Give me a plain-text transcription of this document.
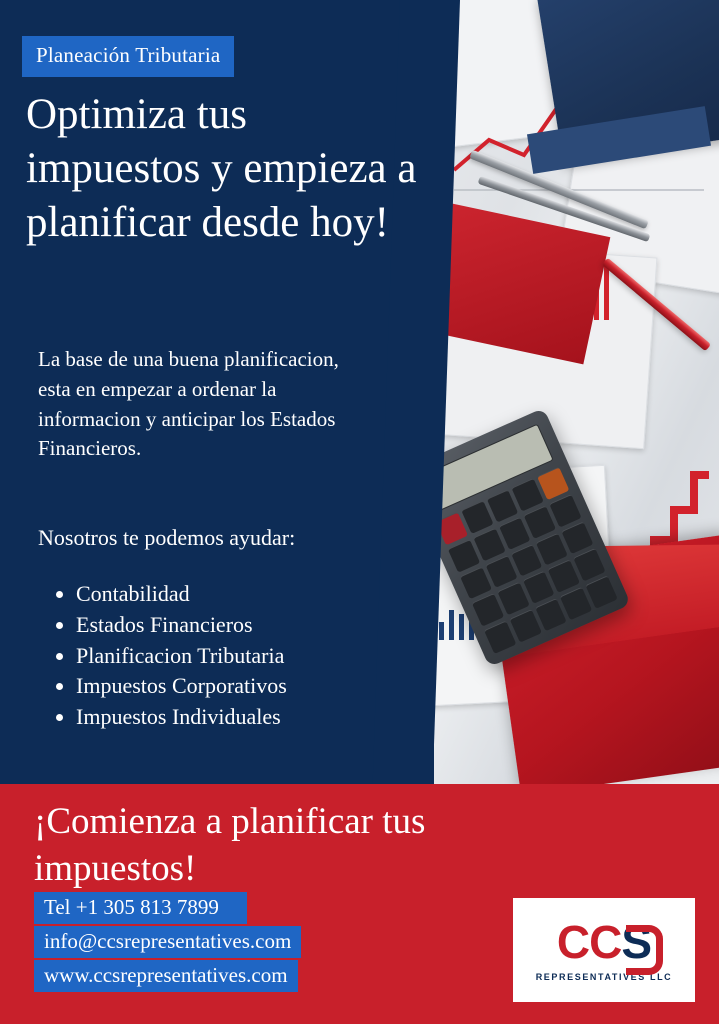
Planeación Tributaria
Optimiza tus impuestos y empieza a planificar desde hoy!

La base de una buena planificacion, esta en empezar a ordenar la informacion y anticipar los Estados Financieros.

Nosotros te podemos ayudar:

• Contabilidad
• Estados Financieros
• Planificacion Tributaria
• Impuestos Corporativos
• Impuestos Individuales
¡Comienza a planificar tus impuestos!
Tel +1 305 813 7899
info@ccsrepresentatives.com
www.ccsrepresentatives.com
CCS
REPRESENTATIVES LLC
